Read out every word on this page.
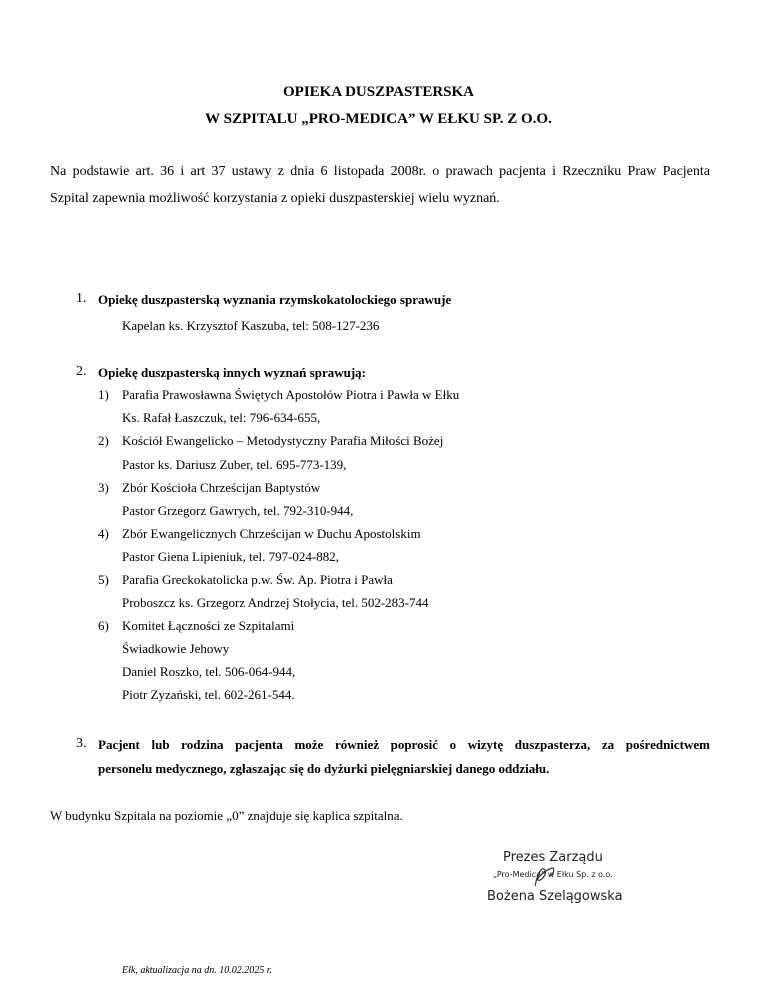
OPIEKA DUSZPASTERSKA
W SZPITALU „PRO-MEDICA” W EŁKU SP. Z O.O.
Na podstawie art. 36 i art 37 ustawy z dnia 6 listopada 2008r. o prawach pacjenta i Rzeczniku Praw Pacjenta
Szpital zapewnia możliwość korzystania z opieki duszpasterskiej wielu wyznań.
1. Opiekę duszpasterską wyznania rzymskokatolockiego sprawuje
Kapelan ks. Krzysztof Kaszuba, tel: 508-127-236
2. Opiekę duszpasterską innych wyznań sprawują:
1) Parafia Prawosławna Świętych Apostołów Piotra i Pawła w Ełku
Ks. Rafał Łaszczuk, tel: 796-634-655,
2) Kościół Ewangelicko – Metodystyczny Parafia Miłości Bożej
Pastor ks. Dariusz Zuber, tel. 695-773-139,
3) Zbór Kościoła Chrześcijan Baptystów
Pastor Grzegorz Gawrych, tel. 792-310-944,
4) Zbór Ewangelicznych Chrześcijan w Duchu Apostolskim
Pastor Giena Lipieniuk, tel. 797-024-882,
5) Parafia Greckokatolicka p.w. Św. Ap. Piotra i Pawła
Proboszcz ks. Grzegorz Andrzej Stołycia, tel. 502-283-744
6) Komitet Łączności ze Szpitalami
Świadkowie Jehowy
Daniel Roszko, tel. 506-064-944,
Piotr Zyzański, tel. 602-261-544.
3. Pacjent lub rodzina pacjenta może również poprosić o wizytę duszpasterza, za pośrednictwem
personelu medycznego, zgłaszając się do dyżurki pielęgniarskiej danego oddziału.
W budynku Szpitala na poziomie „0” znajduje się kaplica szpitalna.
Prezes Zarządu
„Pro-Medica” w Ełku Sp. z o.o.
Bożena Szelągowska
Ełk, aktualizacja na dn. 10.02.2025 r.
